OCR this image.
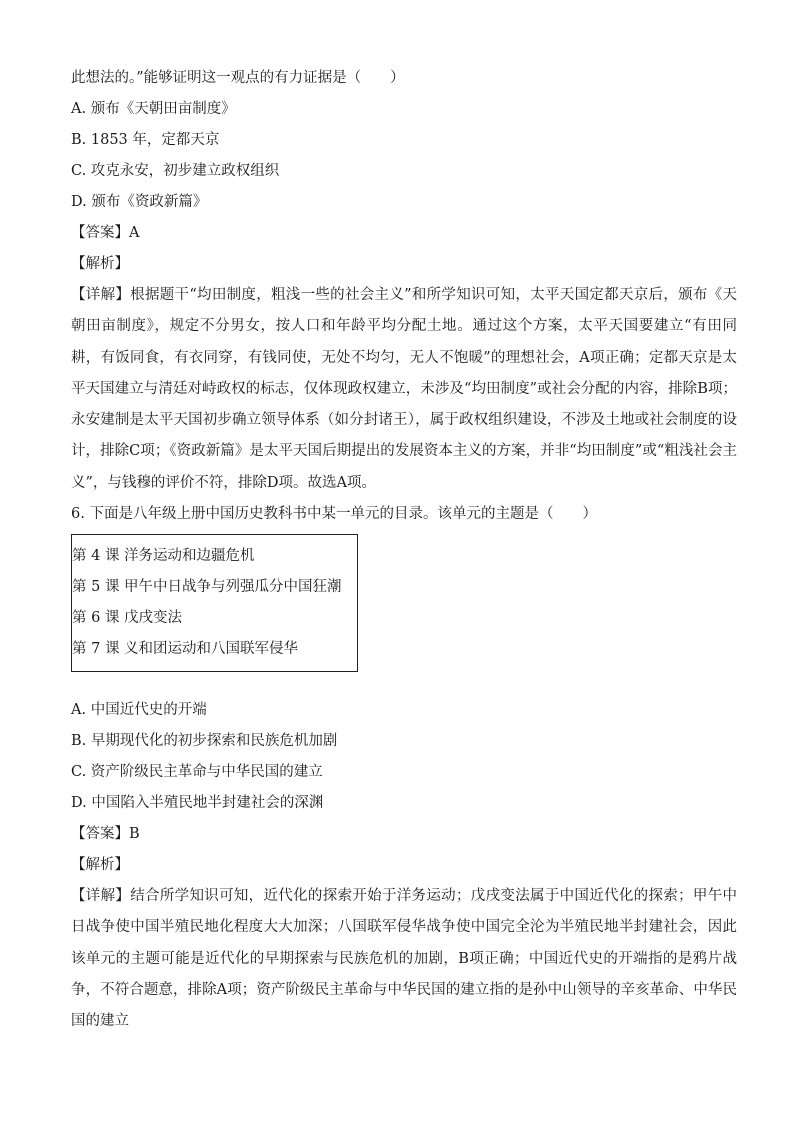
此想法的。”能够证明这一观点的有力证据是（　　）
A. 颁布《天朝田亩制度》
B. 1853 年，定都天京
C. 攻克永安，初步建立政权组织
D. 颁布《资政新篇》
【答案】A
【解析】
【详解】根据题干“均田制度，粗浅一些的社会主义”和所学知识可知，太平天国定都天京后，颁布《天朝田亩制度》，规定不分男女，按人口和年龄平均分配土地。通过这个方案，太平天国要建立“有田同耕，有饭同食，有衣同穿，有钱同使，无处不均匀，无人不饱暖”的理想社会，A项正确；定都天京是太平天国建立与清廷对峙政权的标志，仅体现政权建立，未涉及“均田制度”或社会分配的内容，排除B项；永安建制是太平天国初步确立领导体系（如分封诸王），属于政权组织建设，不涉及土地或社会制度的设计，排除C项；《资政新篇》是太平天国后期提出的发展资本主义的方案，并非“均田制度”或“粗浅社会主义”，与钱穆的评价不符，排除D项。故选A项。
6. 下面是八年级上册中国历史教科书中某一单元的目录。该单元的主题是（　　）
第 4 课 洋务运动和边疆危机
第 5 课 甲午中日战争与列强瓜分中国狂潮
第 6 课 戊戌变法
第 7 课 义和团运动和八国联军侵华
A. 中国近代史的开端
B. 早期现代化的初步探索和民族危机加剧
C. 资产阶级民主革命与中华民国的建立
D. 中国陷入半殖民地半封建社会的深渊
【答案】B
【解析】
【详解】结合所学知识可知，近代化的探索开始于洋务运动；戊戌变法属于中国近代化的探索；甲午中日战争使中国半殖民地化程度大大加深；八国联军侵华战争使中国完全沦为半殖民地半封建社会，因此该单元的主题可能是近代化的早期探索与民族危机的加剧，B项正确；中国近代史的开端指的是鸦片战争，不符合题意，排除A项；资产阶级民主革命与中华民国的建立指的是孙中山领导的辛亥革命、中华民国的建立
